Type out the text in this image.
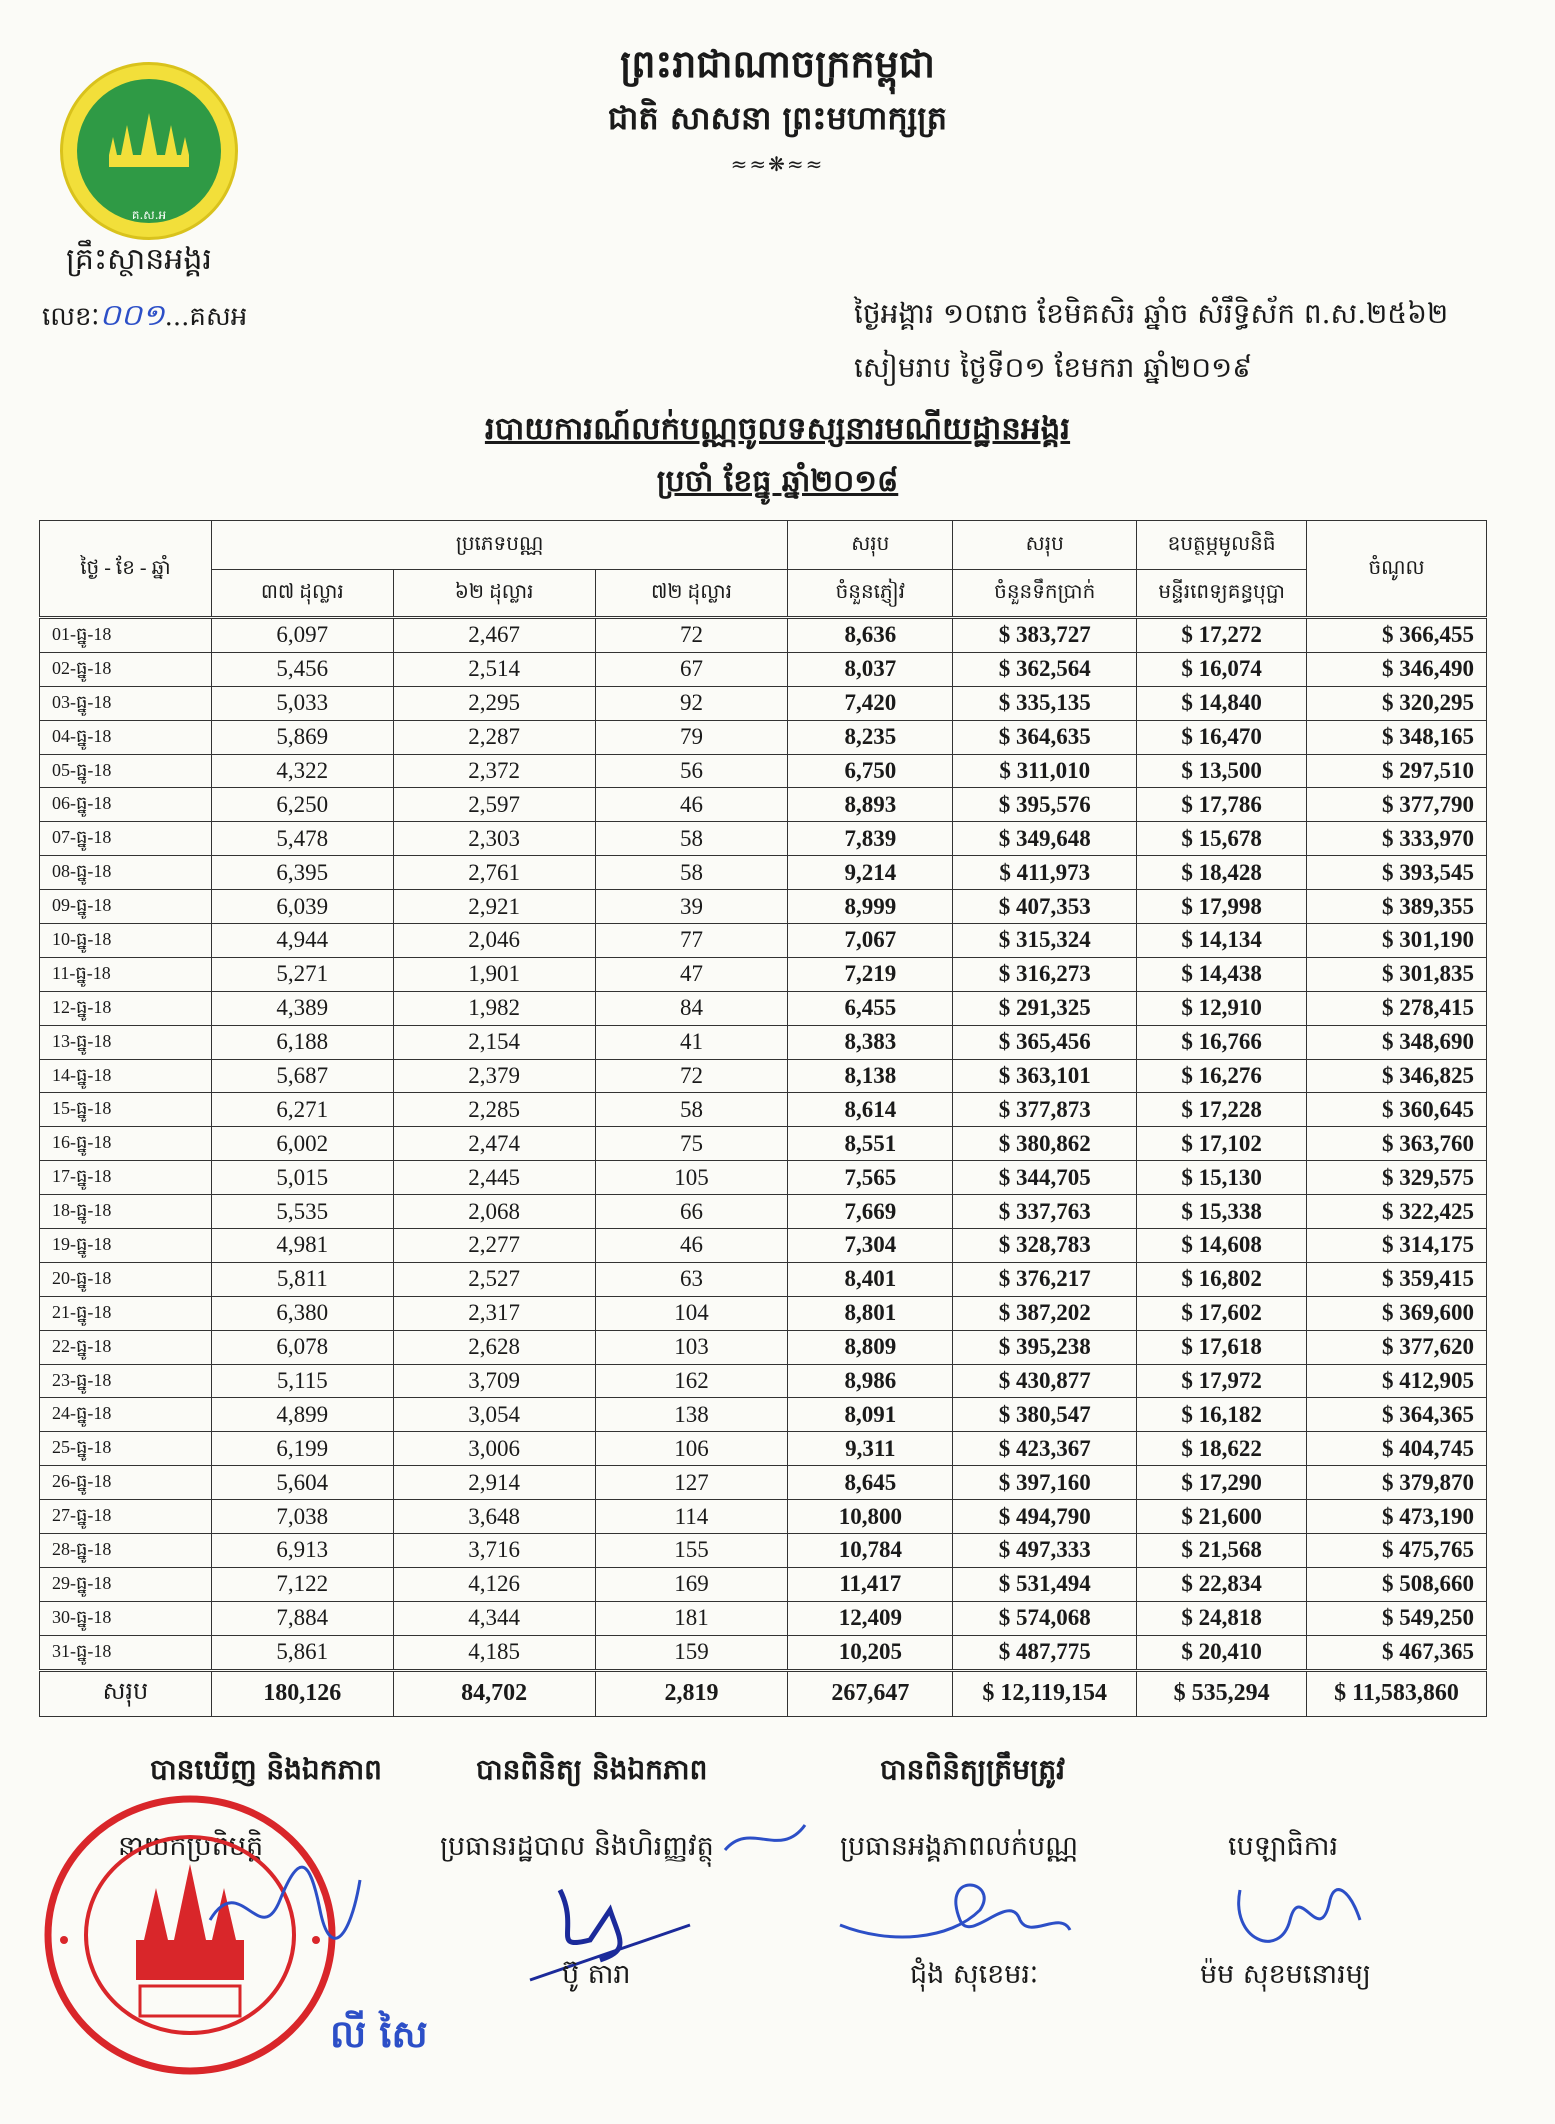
ព្រះរាជាណាចក្រកម្ពុជា
ជាតិ សាសនា ព្រះមហាក្សត្រ
≈≈❋≈≈
គ.ស.អ
គ្រឹះស្ថានអង្គរ
លេខៈ០០១...គសអ	ថ្ងៃអង្គារ ១០រោច ខែមិគសិរ ឆ្នាំច សំរឹទ្ធិស័ក ព.ស.២៥៦២
សៀមរាប ថ្ងៃទី០១ ខែមករា ឆ្នាំ២០១៩
របាយការណ៍លក់បណ្ណចូលទស្សនារមណីយដ្ឋានអង្គរ
ប្រចាំ ខែធ្នូ ឆ្នាំ២០១៨
ថ្ងៃ - ខែ - ឆ្នាំ	ប្រភេទបណ្ណ			សរុប	សរុប	ឧបត្ថម្ភមូលនិធិ	ចំណូល
	៣៧ ដុល្លារ	៦២ ដុល្លារ	៧២ ដុល្លារ	ចំនួនភ្ញៀវ	ចំនួនទឹកប្រាក់	មន្ទីរពេទ្យគន្ធបុប្ផា	
01-ធ្នូ-18	6,097	2,467	72	8,636	$ 383,727	$ 17,272	$ 366,455
02-ធ្នូ-18	5,456	2,514	67	8,037	$ 362,564	$ 16,074	$ 346,490
03-ធ្នូ-18	5,033	2,295	92	7,420	$ 335,135	$ 14,840	$ 320,295
04-ធ្នូ-18	5,869	2,287	79	8,235	$ 364,635	$ 16,470	$ 348,165
05-ធ្នូ-18	4,322	2,372	56	6,750	$ 311,010	$ 13,500	$ 297,510
06-ធ្នូ-18	6,250	2,597	46	8,893	$ 395,576	$ 17,786	$ 377,790
07-ធ្នូ-18	5,478	2,303	58	7,839	$ 349,648	$ 15,678	$ 333,970
08-ធ្នូ-18	6,395	2,761	58	9,214	$ 411,973	$ 18,428	$ 393,545
09-ធ្នូ-18	6,039	2,921	39	8,999	$ 407,353	$ 17,998	$ 389,355
10-ធ្នូ-18	4,944	2,046	77	7,067	$ 315,324	$ 14,134	$ 301,190
11-ធ្នូ-18	5,271	1,901	47	7,219	$ 316,273	$ 14,438	$ 301,835
12-ធ្នូ-18	4,389	1,982	84	6,455	$ 291,325	$ 12,910	$ 278,415
13-ធ្នូ-18	6,188	2,154	41	8,383	$ 365,456	$ 16,766	$ 348,690
14-ធ្នូ-18	5,687	2,379	72	8,138	$ 363,101	$ 16,276	$ 346,825
15-ធ្នូ-18	6,271	2,285	58	8,614	$ 377,873	$ 17,228	$ 360,645
16-ធ្នូ-18	6,002	2,474	75	8,551	$ 380,862	$ 17,102	$ 363,760
17-ធ្នូ-18	5,015	2,445	105	7,565	$ 344,705	$ 15,130	$ 329,575
18-ធ្នូ-18	5,535	2,068	66	7,669	$ 337,763	$ 15,338	$ 322,425
19-ធ្នូ-18	4,981	2,277	46	7,304	$ 328,783	$ 14,608	$ 314,175
20-ធ្នូ-18	5,811	2,527	63	8,401	$ 376,217	$ 16,802	$ 359,415
21-ធ្នូ-18	6,380	2,317	104	8,801	$ 387,202	$ 17,602	$ 369,600
22-ធ្នូ-18	6,078	2,628	103	8,809	$ 395,238	$ 17,618	$ 377,620
23-ធ្នូ-18	5,115	3,709	162	8,986	$ 430,877	$ 17,972	$ 412,905
24-ធ្នូ-18	4,899	3,054	138	8,091	$ 380,547	$ 16,182	$ 364,365
25-ធ្នូ-18	6,199	3,006	106	9,311	$ 423,367	$ 18,622	$ 404,745
26-ធ្នូ-18	5,604	2,914	127	8,645	$ 397,160	$ 17,290	$ 379,870
27-ធ្នូ-18	7,038	3,648	114	10,800	$ 494,790	$ 21,600	$ 473,190
28-ធ្នូ-18	6,913	3,716	155	10,784	$ 497,333	$ 21,568	$ 475,765
29-ធ្នូ-18	7,122	4,126	169	11,417	$ 531,494	$ 22,834	$ 508,660
30-ធ្នូ-18	7,884	4,344	181	12,409	$ 574,068	$ 24,818	$ 549,250
31-ធ្នូ-18	5,861	4,185	159	10,205	$ 487,775	$ 20,410	$ 467,365
សរុប	180,126	84,702	2,819	267,647	$ 12,119,154	$ 535,294	$ 11,583,860
បានឃើញ និងឯកភាព	បានពិនិត្យ និងឯកភាព	បានពិនិត្យត្រឹមត្រូវ
នាយកប្រតិបត្តិ	ប្រធានរដ្ឋបាល និងហិរញ្ញវត្ថុ	ប្រធានអង្គភាពលក់បណ្ណ	បេឡាធិការ
ប៊ូ តារា	ជុំង សុខេមរៈ	ម៉ម សុខមនោរម្យ
លី សៃ
